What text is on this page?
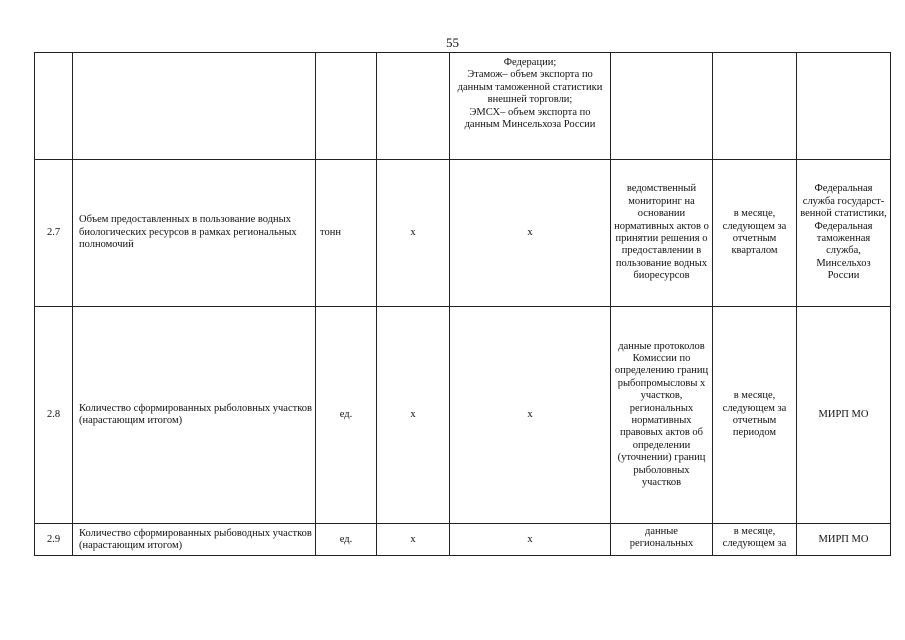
55

				Федерации;
Этамож– объем экспорта по данным таможенной статистики внешней торговли;
ЭМСХ– объем экспорта по данным Минсельхоза России			

2.7	Объем предоставленных в пользование водных биологических ресурсов в рамках региональных полномочий	тонн	х	х	ведомственный мониторинг на основании нормативных актов о принятии решения о предоставлении в пользование водных биоресурсов	в месяце, следующем за отчетным кварталом	Федеральная служба государст-венной статистики, Федеральная таможенная служба, Минсельхоз России
2.8	Количество сформированных рыболовных участков (нарастающим итогом)	ед.	х	х	данные протоколов Комиссии по определению границ рыбопромысловы х участков, региональных нормативных правовых актов об определении (уточнении) границ рыболовных участков	в месяце, следующем за отчетным периодом	МИРП МО
2.9	Количество сформированных рыбоводных участков (нарастающим итогом)	ед.	х	х	данные региональных	в месяце, следующем за	МИРП МО
